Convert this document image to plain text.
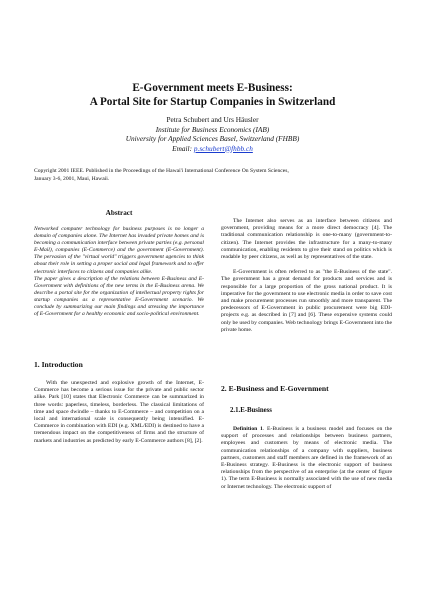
E-Government meets E-Business:
A Portal Site for Startup Companies in Switzerland
Petra Schubert and Urs Häusler
Institute for Business Economics (IAB)
University for Applied Sciences Basel, Switzerland (FHBB)
Email: p.schubert@fhbb.ch
Copyright 2001 IEEE. Published in the Proceedings of the Hawai'i International Conference On System Sciences,
January 3-6, 2001, Maui, Hawaii.
Abstract

Networked computer technology for business purposes is no longer a domain of companies alone. The Internet has invaded private homes and is becoming a communication interface between private parties (e.g. personal E-Mail), companies (E-Commerce) and the government (E-Government). The pervasion of the "virtual world" triggers government agencies to think about their role in setting a proper social and legal framework and to offer electronic interfaces to citizens and companies alike.

The paper gives a description of the relations between E-Business and E-Government with definitions of the new terms in the E-Business arena. We describe a portal site for the organization of intellectual property rights for startup companies as a representative E-Government scenario. We conclude by summarizing our main findings and stressing the importance of E-Government for a healthy economic and socio-political environment.

1. Introduction

With the unexpected and explosive growth of the Internet, E-Commerce has become a serious issue for the private and public sector alike. Park [10] states that Electronic Commerce can be summarized in three words: paperless, timeless, borderless. The classical limitations of time and space dwindle – thanks to E-Commerce – and competition on a local and international scale is consequently being intensified. E-Commerce in combination with EDI (e.g. XML/EDI) is destined to have a tremendous impact on the competitiveness of firms and the structure of markets and industries as predicted by early E-Commerce authors [8], [2].

The Internet also serves as an interface between citizens and government, providing means for a more direct democracy [4]. The traditional communication relationship is one-to-many (government-to-citizen). The Internet provides the infrastructure for a many-to-many communication, enabling residents to give their stand on politics which is readable by peer citizens, as well as by representatives of the state.

E-Government is often referred to as "the E-Business of the state". The government has a great demand for products and services and is responsible for a large proportion of the gross national product. It is imperative for the government to use electronic media in order to save cost and make procurement processes run smoothly and more transparent. The predecessors of E-Government in public procurement were big EDI-projects e.g. as described in [7] and [6]. These expensive systems could only be used by companies. Web technology brings E-Government into the private home.

2. E-Business and E-Government
2.1.E-Business

Definition 1. E-Business is a business model and focuses on the support of processes and relationships between business partners, employees and customers by means of electronic media. The communication relationships of a company with suppliers, business partners, customers and staff members are defined in the framework of an E-Business strategy. E-Business is the electronic support of business relationships from the perspective of an enterprise (at the center of figure 1). The term E-Business is normally associated with the use of new media or Internet technology. The electronic support of
